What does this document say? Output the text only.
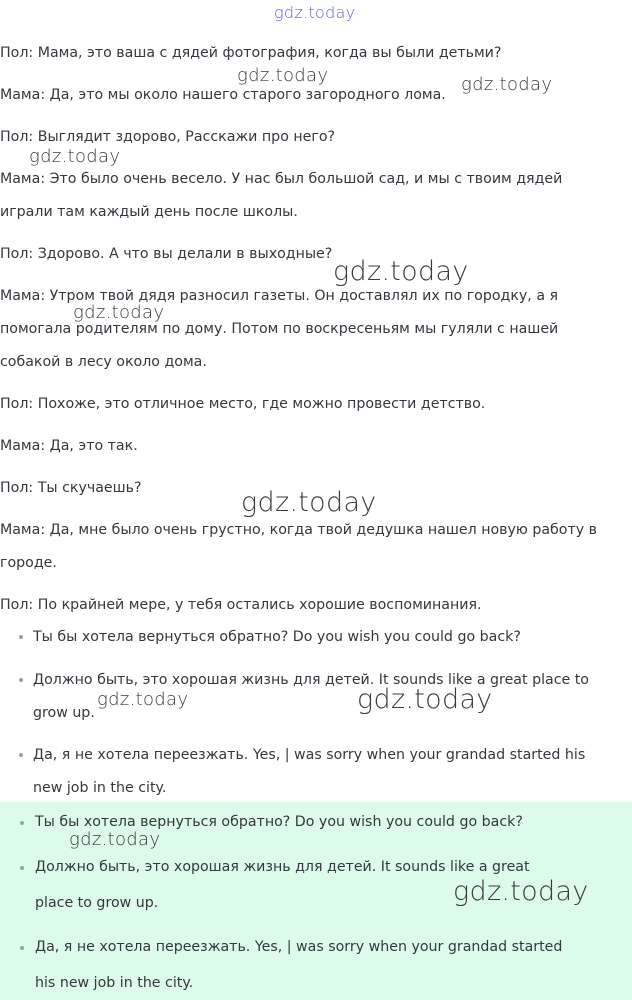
Пол: Мама, это ваша с дядей фотография, когда вы были детьми?
Мама: Да, это мы около нашего старого загородного лома.
Пол: Выглядит здорово, Расскажи про него?
Мама: Это было очень весело. У нас был большой сад, и мы с твоим дядей
играли там каждый день после школы.
Пол: Здорово. А что вы делали в выходные?
Мама: Утром твой дядя разносил газеты. Он доставлял их по городку, а я
помогала родителям по дому. Потом по воскресеньям мы гуляли с нашей
собакой в лесу около дома.
Пол: Похоже, это отличное место, где можно провести детство.
Мама: Да, это так.
Пол: Ты скучаешь?
Мама: Да, мне было очень грустно, когда твой дедушка нашел новую работу в
городе.
Пол: По крайней мере, у тебя остались хорошие воспоминания.
Ты бы хотела вернуться обратно? Do you wish you could go back?
Должно быть, это хорошая жизнь для детей. It sounds like a great place to
grow up.
Да, я не хотела переезжать. Yes, | was sorry when your grandad started his
new job in the city.
Ты бы хотела вернуться обратно? Do you wish you could go back?
Должно быть, это хорошая жизнь для детей. It sounds like a great
place to grow up.
Да, я не хотела переезжать. Yes, | was sorry when your grandad started
his new job in the city.
gdz.today
gdz.today	gdz.today
gdz.today
gdz.today
gdz.today
gdz.today
gdz.today	gdz.today
gdz.today
gdz.today
